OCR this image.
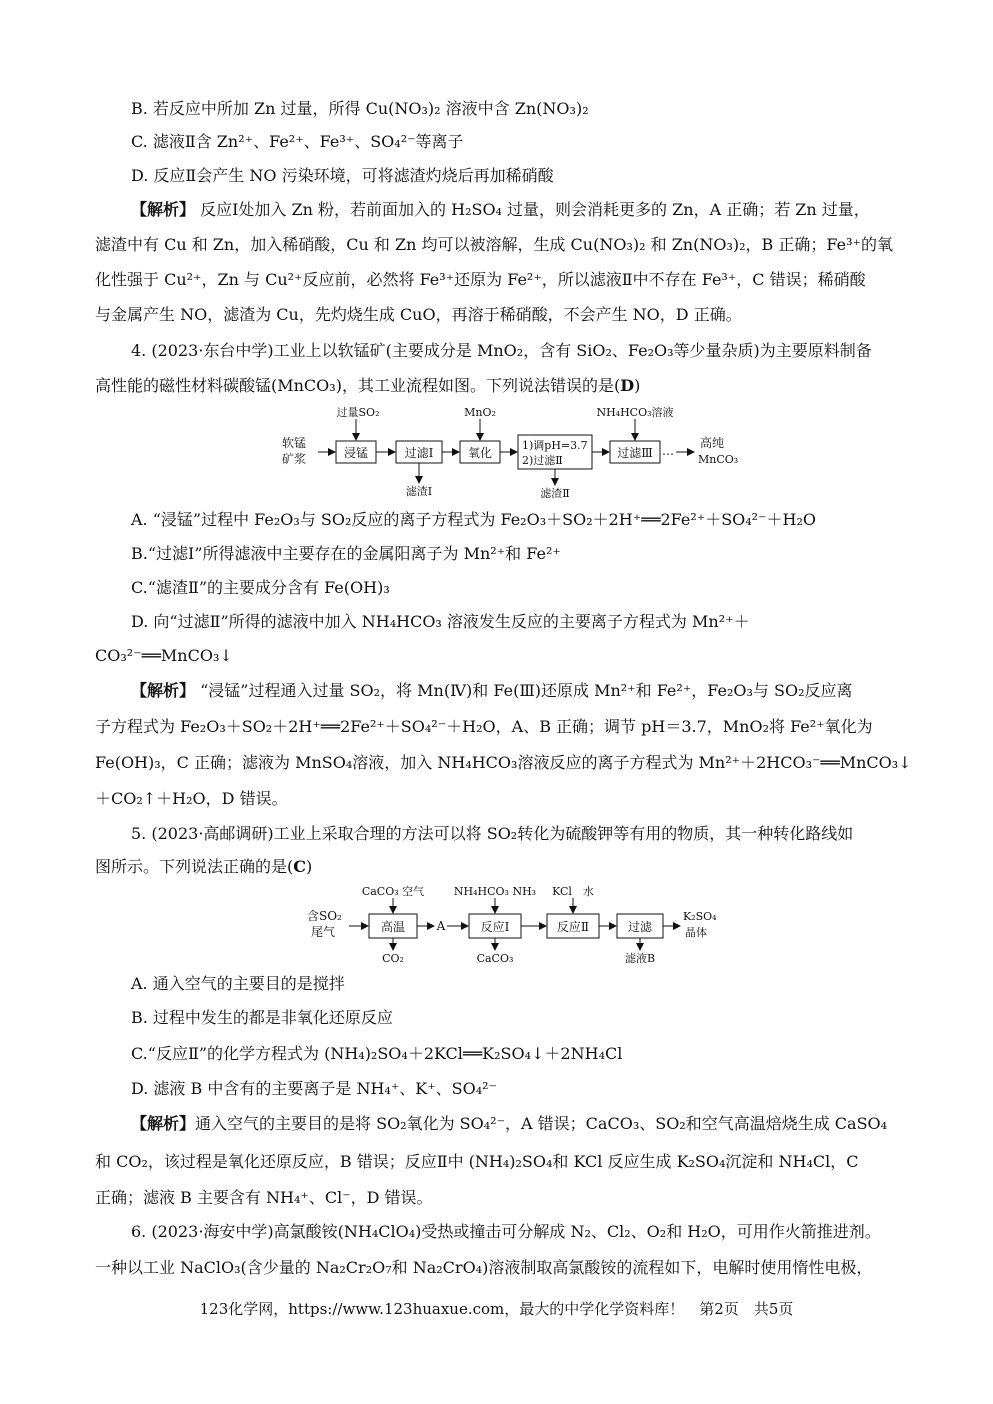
B. 若反应中所加 Zn 过量，所得 Cu(NO₃)₂ 溶液中含 Zn(NO₃)₂
C. 滤液Ⅱ含 Zn²⁺、Fe²⁺、Fe³⁺、SO₄²⁻等离子
D. 反应Ⅱ会产生 NO 污染环境，可将滤渣灼烧后再加稀硝酸
【解析】 反应Ⅰ处加入 Zn 粉，若前面加入的 H₂SO₄ 过量，则会消耗更多的 Zn，A 正确；若 Zn 过量，
滤渣中有 Cu 和 Zn，加入稀硝酸，Cu 和 Zn 均可以被溶解，生成 Cu(NO₃)₂ 和 Zn(NO₃)₂，B 正确；Fe³⁺的氧
化性强于 Cu²⁺，Zn 与 Cu²⁺反应前，必然将 Fe³⁺还原为 Fe²⁺，所以滤液Ⅱ中不存在 Fe³⁺，C 错误；稀硝酸
与金属产生 NO，滤渣为 Cu，先灼烧生成 CuO，再溶于稀硝酸，不会产生 NO，D 正确。
4. (2023·东台中学)工业上以软锰矿(主要成分是 MnO₂，含有 SiO₂、Fe₂O₃等少量杂质)为主要原料制备
高性能的磁性材料碳酸锰(MnCO₃)，其工业流程如图。下列说法错误的是(D)
软锰
矿浆	浸锰
过量SO₂
过滤Ⅰ
滤渣Ⅰ
氧化
MnO₂
1)调pH=3.7
2)过滤Ⅱ
滤渣Ⅱ
过滤Ⅲ
NH₄HCO₃溶液
…
高纯
MnCO₃
A. “浸锰”过程中 Fe₂O₃与 SO₂反应的离子方程式为 Fe₂O₃＋SO₂＋2H⁺══2Fe²⁺＋SO₄²⁻＋H₂O
B.“过滤Ⅰ”所得滤液中主要存在的金属阳离子为 Mn²⁺和 Fe²⁺
C.“滤渣Ⅱ”的主要成分含有 Fe(OH)₃
D. 向“过滤Ⅱ”所得的滤液中加入 NH₄HCO₃ 溶液发生反应的主要离子方程式为 Mn²⁺＋
CO₃²⁻══MnCO₃↓
【解析】 “浸锰”过程通入过量 SO₂，将 Mn(Ⅳ)和 Fe(Ⅲ)还原成 Mn²⁺和 Fe²⁺，Fe₂O₃与 SO₂反应离
子方程式为 Fe₂O₃＋SO₂＋2H⁺══2Fe²⁺＋SO₄²⁻＋H₂O，A、B 正确；调节 pH＝3.7，MnO₂将 Fe²⁺氧化为
Fe(OH)₃，C 正确；滤液为 MnSO₄溶液，加入 NH₄HCO₃溶液反应的离子方程式为 Mn²⁺＋2HCO₃⁻══MnCO₃↓
＋CO₂↑＋H₂O，D 错误。
5. (2023·高邮调研)工业上采取合理的方法可以将 SO₂转化为硫酸钾等有用的物质，其一种转化路线如
图所示。下列说法正确的是(C)
含SO₂
尾气	高温
CaCO₃ 空气
CO₂
A	反应Ⅰ
NH₄HCO₃ NH₃
CaCO₃
反应Ⅱ
KCl　水
过滤
滤液B
K₂SO₄
晶体
A. 通入空气的主要目的是搅拌
B. 过程中发生的都是非氧化还原反应
C.“反应Ⅱ”的化学方程式为 (NH₄)₂SO₄＋2KCl══K₂SO₄↓＋2NH₄Cl
D. 滤液 B 中含有的主要离子是 NH₄⁺、K⁺、SO₄²⁻
【解析】通入空气的主要目的是将 SO₂氧化为 SO₄²⁻，A 错误；CaCO₃、SO₂和空气高温焙烧生成 CaSO₄
和 CO₂，该过程是氧化还原反应，B 错误；反应Ⅱ中 (NH₄)₂SO₄和 KCl 反应生成 K₂SO₄沉淀和 NH₄Cl，C
正确；滤液 B 主要含有 NH₄⁺、Cl⁻，D 错误。
6. (2023·海安中学)高氯酸铵(NH₄ClO₄)受热或撞击可分解成 N₂、Cl₂、O₂和 H₂O，可用作火箭推进剂。
一种以工业 NaClO₃(含少量的 Na₂Cr₂O₇和 Na₂CrO₄)溶液制取高氯酸铵的流程如下，电解时使用惰性电极，
123化学网，https://www.123huaxue.com，最大的中学化学资料库！　第2页　共5页
